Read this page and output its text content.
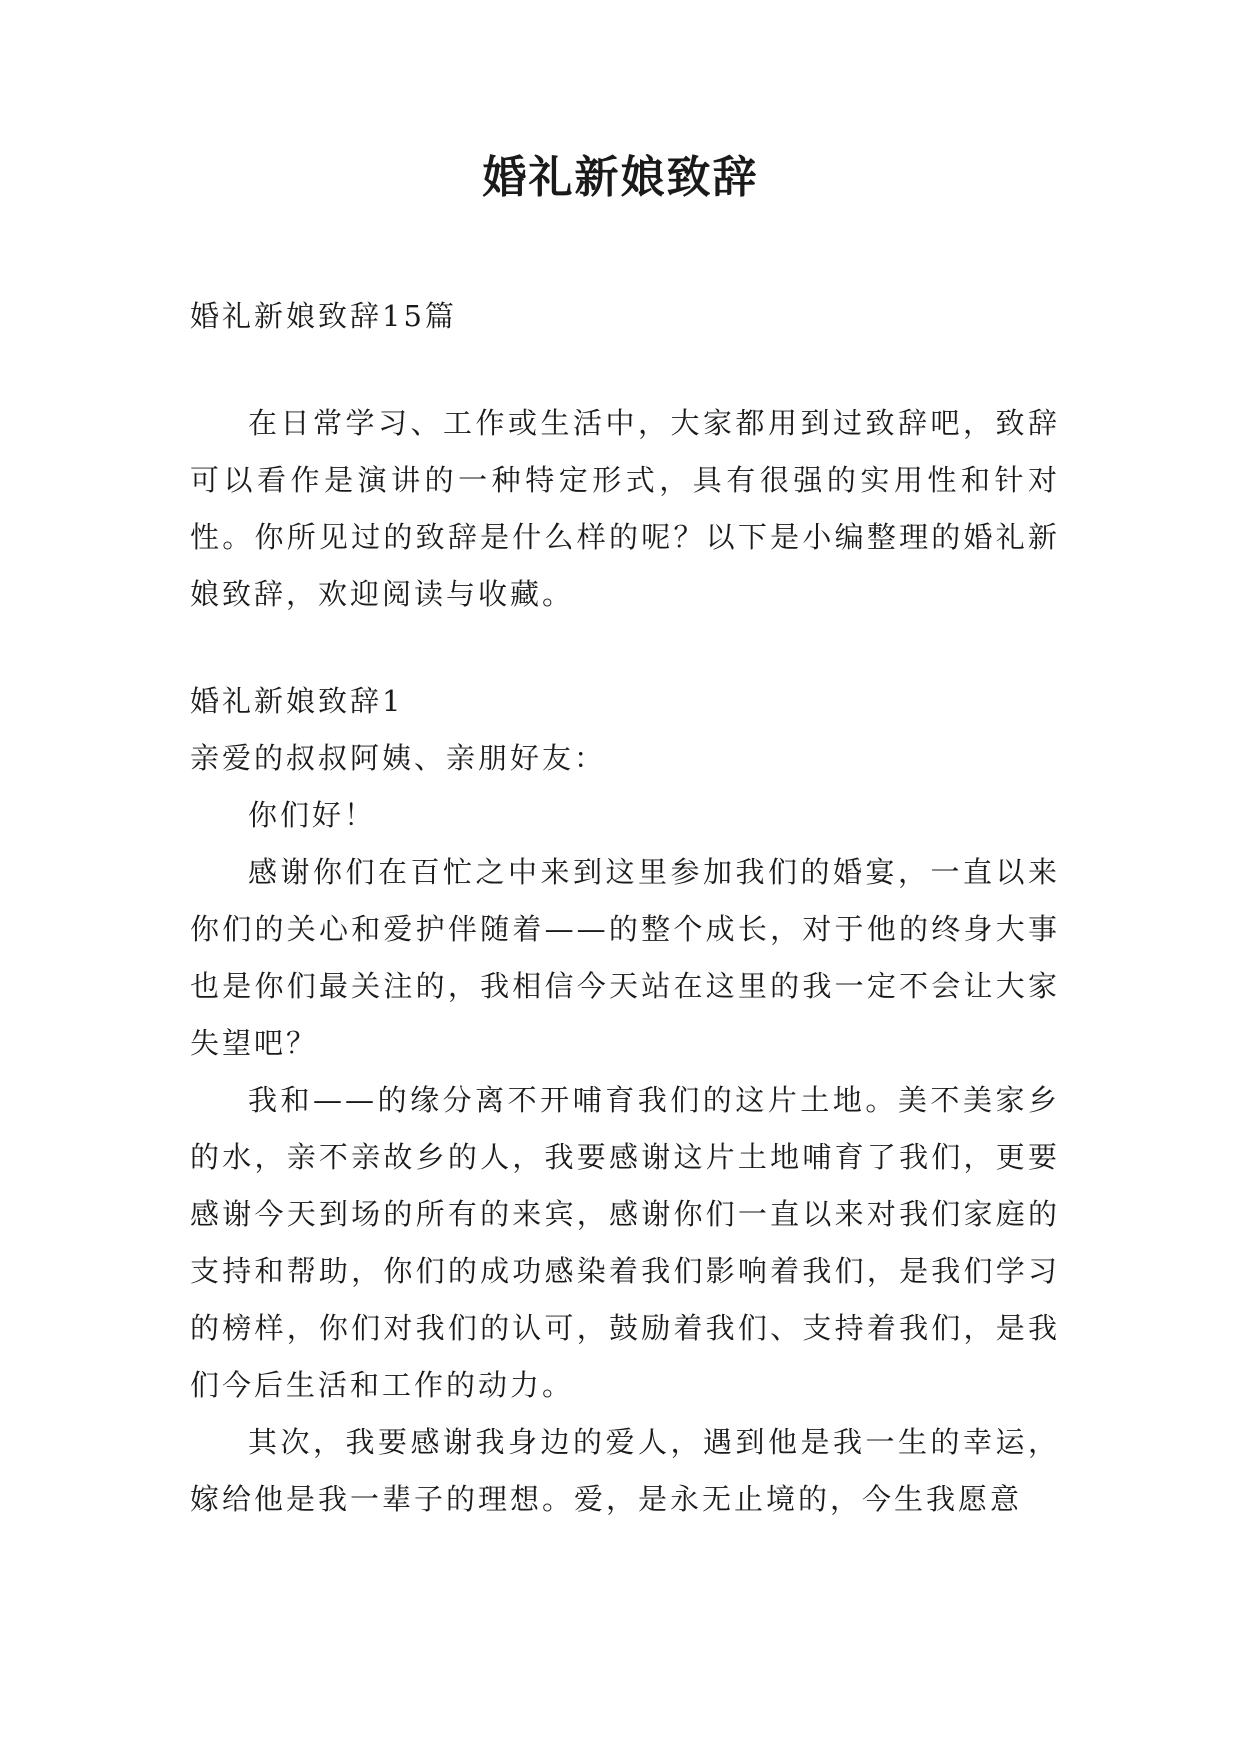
婚礼新娘致辞

婚礼新娘致辞15篇

在日常学习、工作或生活中，大家都用到过致辞吧，致辞可以看作是演讲的一种特定形式，具有很强的实用性和针对性。你所见过的致辞是什么样的呢？以下是小编整理的婚礼新娘致辞，欢迎阅读与收藏。

婚礼新娘致辞1

亲爱的叔叔阿姨、亲朋好友：

你们好！

感谢你们在百忙之中来到这里参加我们的婚宴，一直以来你们的关心和爱护伴随着——的整个成长，对于他的终身大事也是你们最关注的，我相信今天站在这里的我一定不会让大家失望吧？

我和——的缘分离不开哺育我们的这片土地。美不美家乡的水，亲不亲故乡的人，我要感谢这片土地哺育了我们，更要感谢今天到场的所有的来宾，感谢你们一直以来对我们家庭的支持和帮助，你们的成功感染着我们影响着我们，是我们学习的榜样，你们对我们的认可，鼓励着我们、支持着我们，是我们今后生活和工作的动力。

其次，我要感谢我身边的爱人，遇到他是我一生的幸运，嫁给他是我一辈子的理想。爱，是永无止境的，今生我愿意
